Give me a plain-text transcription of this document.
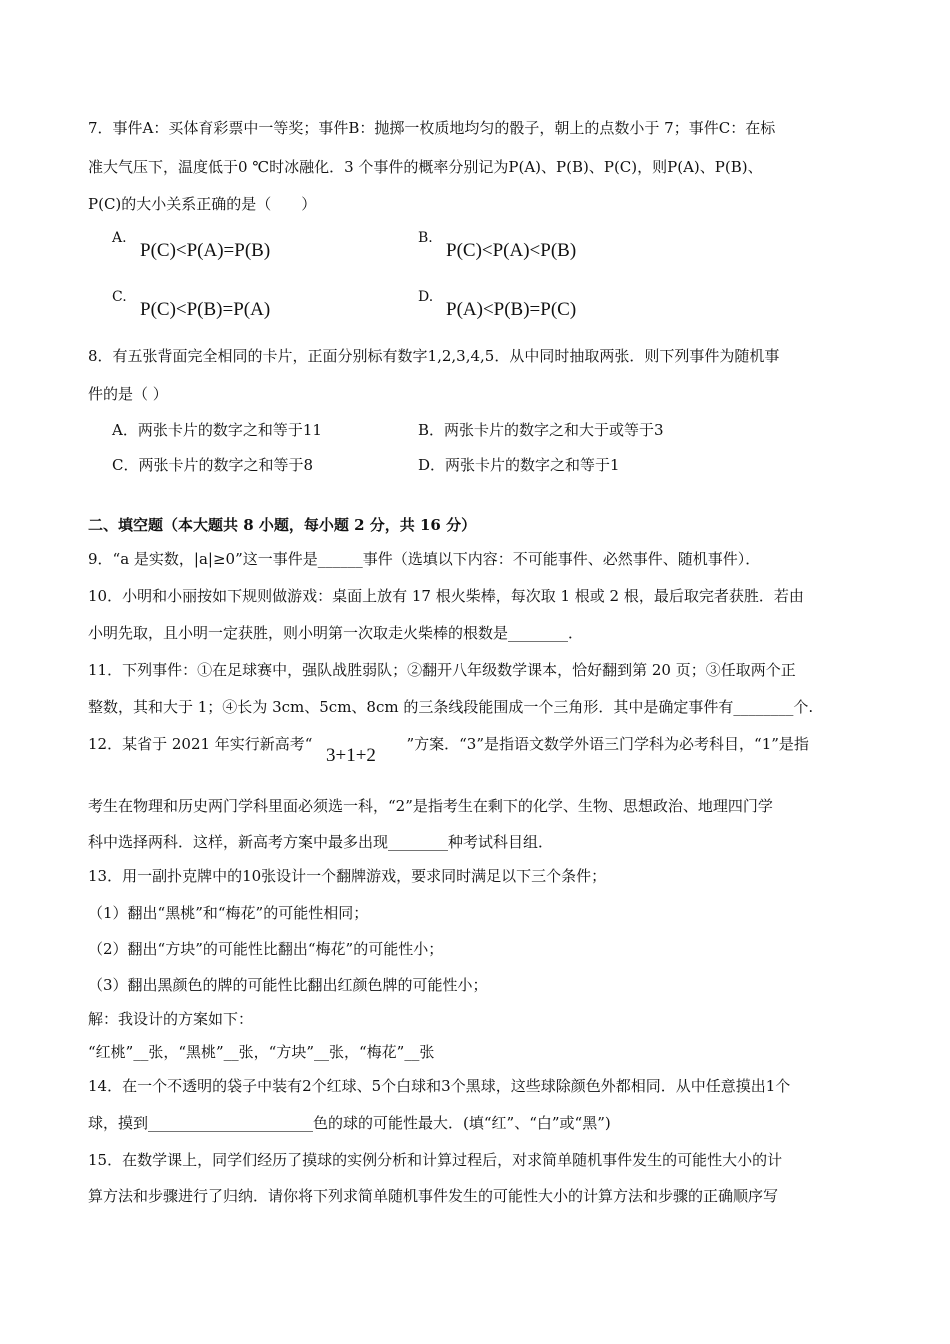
7．事件A：买体育彩票中一等奖；事件B：抛掷一枚质地均匀的骰子，朝上的点数小于 7；事件C：在标
准大气压下，温度低于0 ℃时冰融化．3 个事件的概率分别记为P(A)、P(B)、P(C)，则P(A)、P(B)、
P(C)的大小关系正确的是（　　）
A.
P(C)<P(A)=P(B)
B.
P(C)<P(A)<P(B)
C.
P(C)<P(B)=P(A)
D.
P(A)<P(B)=P(C)
8．有五张背面完全相同的卡片，正面分别标有数字1,2,3,4,5．从中同时抽取两张．则下列事件为随机事
件的是（ ）
A．两张卡片的数字之和等于11	B．两张卡片的数字之和大于或等于3
C．两张卡片的数字之和等于8	D．两张卡片的数字之和等于1
二、填空题（本大题共 8 小题，每小题 2 分，共 16 分）
9．“a 是实数，|a|≥0”这一事件是______事件（选填以下内容：不可能事件、必然事件、随机事件）．
10．小明和小丽按如下规则做游戏：桌面上放有 17 根火柴棒，每次取 1 根或 2 根，最后取完者获胜．若由
小明先取，且小明一定获胜，则小明第一次取走火柴棒的根数是________．
11．下列事件：①在足球赛中，强队战胜弱队；②翻开八年级数学课本，恰好翻到第 20 页；③任取两个正
整数，其和大于 1；④长为 3cm、5cm、8cm 的三条线段能围成一个三角形．其中是确定事件有________个.
12．某省于 2021 年实行新高考“	”方案．“3”是指语文数学外语三门学科为必考科目，“1”是指
3+1+2
考生在物理和历史两门学科里面必须选一科，“2”是指考生在剩下的化学、生物、思想政治、地理四门学
科中选择两科．这样，新高考方案中最多出现________种考试科目组．
13．用一副扑克牌中的10张设计一个翻牌游戏，要求同时满足以下三个条件；
（1）翻出“黑桃”和“梅花”的可能性相同；
（2）翻出“方块”的可能性比翻出“梅花”的可能性小；
（3）翻出黑颜色的牌的可能性比翻出红颜色牌的可能性小；
解：我设计的方案如下：
“红桃”__张，“黑桃”__张，“方块”__张，“梅花”__张
14．在一个不透明的袋子中装有2个红球、5个白球和3个黑球，这些球除颜色外都相同．从中任意摸出1个
球，摸到______________________色的球的可能性最大．(填“红”、“白”或“黑”)
15．在数学课上，同学们经历了摸球的实例分析和计算过程后，对求简单随机事件发生的可能性大小的计
算方法和步骤进行了归纳．请你将下列求简单随机事件发生的可能性大小的计算方法和步骤的正确顺序写
